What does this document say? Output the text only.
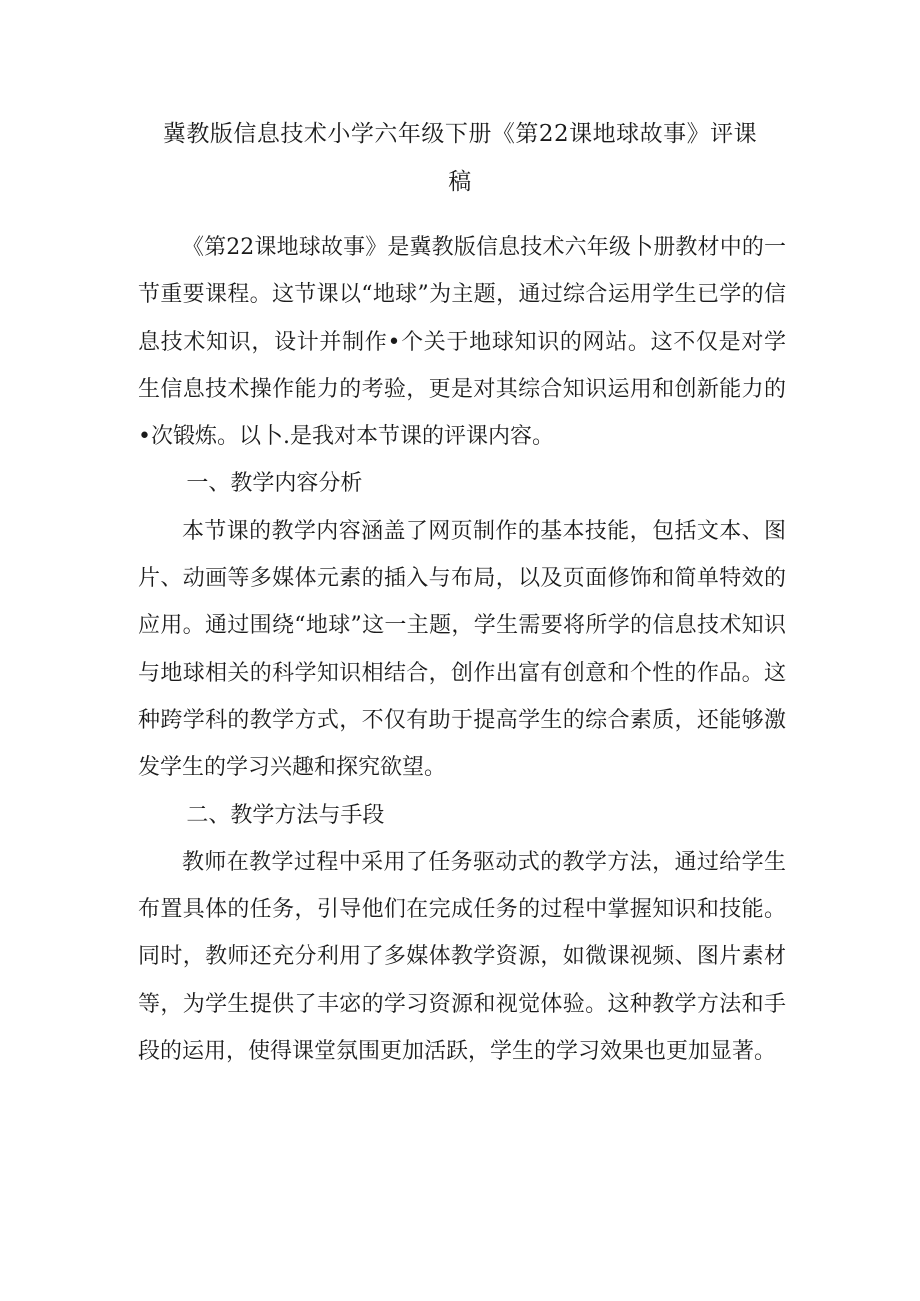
冀教版信息技术小学六年级下册《第22课地球故事》评课
稿

《第22课地球故事》是冀教版信息技术六年级卜册教材中的一节重要课程。这节课以“地球”为主题，通过综合运用学生已学的信息技术知识，设计并制作•个关于地球知识的网站。这不仅是对学生信息技术操作能力的考验，更是对其综合知识运用和创新能力的•次锻炼。以卜.是我对本节课的评课内容。

一、教学内容分析

本节课的教学内容涵盖了网页制作的基本技能，包括文本、图片、动画等多媒体元素的插入与布局，以及页面修饰和简单特效的应用。通过围绕“地球”这一主题，学生需要将所学的信息技术知识与地球相关的科学知识相结合，创作出富有创意和个性的作品。这种跨学科的教学方式，不仅有助于提高学生的综合素质，还能够激发学生的学习兴趣和探究欲望。

二、教学方法与手段

教师在教学过程中采用了任务驱动式的教学方法，通过给学生布置具体的任务，引导他们在完成任务的过程中掌握知识和技能。同时，教师还充分利用了多媒体教学资源，如微课视频、图片素材等，为学生提供了丰宓的学习资源和视觉体验。这种教学方法和手段的运用，使得课堂氛围更加活跃，学生的学习效果也更加显著。
